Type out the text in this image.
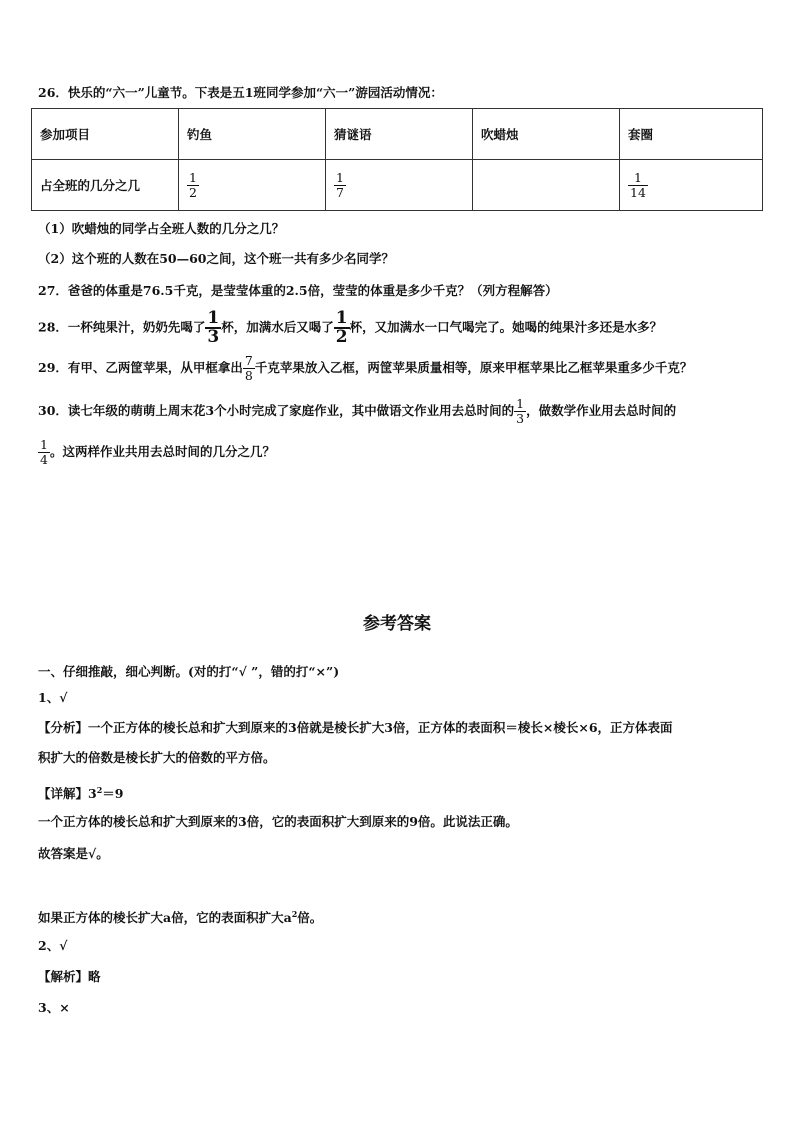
26．快乐的“六一”儿童节。下表是五1班同学参加“六一”游园活动情况：
参加项目	钓鱼	猜谜语	吹蜡烛	套圈
占全班的几分之几	$\frac{1}{2}$	$\frac{1}{7}$		$\frac{1}{14}$
（1）吹蜡烛的同学占全班人数的几分之几？
（2）这个班的人数在50—60之间，这个班一共有多少名同学？
27．爸爸的体重是76.5千克，是莹莹体重的2.5倍，莹莹的体重是多少千克？（列方程解答）
28．一杯纯果汁，奶奶先喝了 $\frac{1}{3}$ 杯，加满水后又喝了 $\frac{1}{2}$ 杯，又加满水一口气喝完了。她喝的纯果汁多还是水多？
29．有甲、乙两筐苹果，从甲框拿出 $\frac{7}{8}$ 千克苹果放入乙框，两筐苹果质量相等，原来甲框苹果比乙框苹果重多少千克？
30．读七年级的萌萌上周末花3个小时完成了家庭作业，其中做语文作业用去总时间的 $\frac{1}{3}$ ，做数学作业用去总时间的
$\frac{1}{4}$ 。这两样作业共用去总时间的几分之几？
参考答案
一、仔细推敲，细心判断。(对的打“√ ”，错的打“×”)
1、√
【分析】一个正方体的棱长总和扩大到原来的3倍就是棱长扩大3倍，正方体的表面积＝棱长×棱长×6，正方体表面
积扩大的倍数是棱长扩大的倍数的平方倍。
【详解】$3^2=9$
一个正方体的棱长总和扩大到原来的3倍，它的表面积扩大到原来的9倍。此说法正确。
故答案是√。
如果正方体的棱长扩大a倍，它的表面积扩大$a^2$倍。
2、√
【解析】略
3、×
